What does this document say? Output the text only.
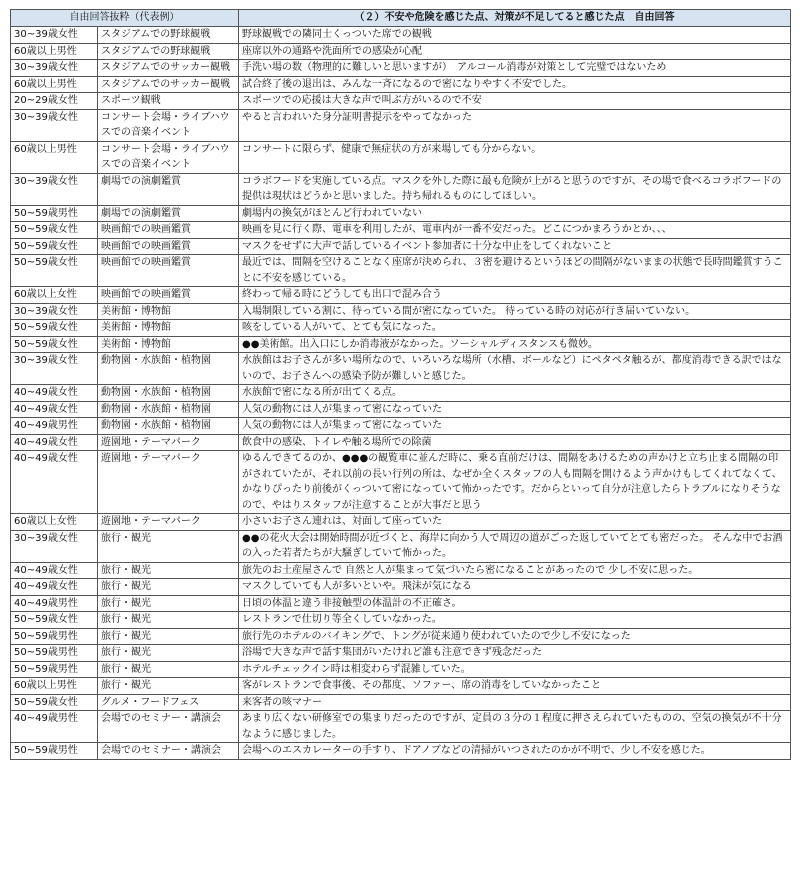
自由回答抜粋（代表例）		（２）不安や危険を感じた点、対策が不足してると感じた点　自由回答
30~39歳女性	スタジアムでの野球観戦	野球観戦での隣同士くっついた席での観戦
60歳以上男性	スタジアムでの野球観戦	座席以外の通路や洗面所での感染が心配
30~39歳女性	スタジアムでのサッカー観戦	手洗い場の数（物理的に難しいと思いますが）　アルコール消毒が対策として完璧ではないため
60歳以上男性	スタジアムでのサッカー観戦	試合終了後の退出は、みんな一斉になるので密になりやすく不安でした。
20~29歳女性	スポーツ観戦	スポーツでの応援は大きな声で叫ぶ方がいるので不安
30~39歳女性	コンサート会場・ライブハウスでの音楽イベント	やると言われいた身分証明書提示をやってなかった
60歳以上男性	コンサート会場・ライブハウスでの音楽イベント	コンサートに限らず、健康で無症状の方が来場しても分からない。
30~39歳女性	劇場での演劇鑑賞	コラボフードを実施している点。マスクを外した際に最も危険が上がると思うのですが、その場で食べるコラボフードの提供は現状はどうかと思いました。持ち帰れるものにしてほしい。
50~59歳男性	劇場での演劇鑑賞	劇場内の換気がほとんど行われていない
50~59歳女性	映画館での映画鑑賞	映画を見に行く際、電車を利用したが、電車内が一番不安だった。どこにつかまろうかとか、、、
50~59歳女性	映画館での映画鑑賞	マスクをせずに大声で話しているイベント参加者に十分な中止をしてくれないこと
50~59歳女性	映画館での映画鑑賞	最近では、間隔を空けることなく座席が決められ、３密を避けるというほどの間隔がないままの状態で長時間鑑賞すうことに不安を感じている。
60歳以上女性	映画館での映画鑑賞	終わって帰る時にどうしても出口で混み合う
30~39歳女性	美術館・博物館	入場制限している割に、待っている間が密になっていた。 待っている時の対応が行き届いていない。
50~59歳女性	美術館・博物館	咳をしている人がいて、とても気になった。
50~59歳女性	美術館・博物館	●●美術館。出入口にしか消毒液がなかった。ソーシャルディスタンスも微妙。
30~39歳女性	動物園・水族館・植物園	水族館はお子さんが多い場所なので、いろいろな場所（水槽、ボールなど）にペタペタ触るが、都度消毒できる訳ではないので、お子さんへの感染予防が難しいと感じた。
40~49歳女性	動物園・水族館・植物園	水族館で密になる所が出てくる点。
40~49歳女性	動物園・水族館・植物園	人気の動物には人が集まって密になっていた
40~49歳男性	動物園・水族館・植物園	人気の動物には人が集まって密になっていた
40~49歳女性	遊園地・テーマパーク	飲食中の感染、トイレや触る場所での除菌
40~49歳女性	遊園地・テーマパーク	ゆるんできてるのか、●●●の観覧車に並んだ時に、乗る直前だけは、間隔をあけるための声かけと立ち止まる間隔の印がされていたが、それ以前の長い行列の所は、なぜか全くスタッフの人も間隔を開けるよう声かけもしてくれてなくて、かなりぴったり前後がくっついて密になっていて怖かったです。だからといって自分が注意したらトラブルになりそうなので、やはりスタッフが注意することが大事だと思う
60歳以上女性	遊園地・テーマパーク	小さいお子さん連れは、対面して座っていた
30~39歳女性	旅行・観光	●●の花火大会は開始時間が近づくと、海岸に向かう人で周辺の道がごった返していてとても密だった。 そんな中でお酒の入った若者たちが大騒ぎしていて怖かった。
40~49歳女性	旅行・観光	旅先のお土産屋さんで 自然と人が集まって気づいたら密になることがあったので 少し不安に思った。
40~49歳女性	旅行・観光	マスクしていても人が多いといや。飛沫が気になる
40~49歳男性	旅行・観光	日頃の体温と違う非接触型の体温計の不正確さ。
50~59歳女性	旅行・観光	レストランで仕切り等全くしていなかった。
50~59歳男性	旅行・観光	旅行先のホテルのバイキングで、トングが従来通り使われていたので少し不安になった
50~59歳男性	旅行・観光	浴場で大きな声で話す集団がいたけれど誰も注意できず残念だった
50~59歳男性	旅行・観光	ホテルチェックイン時は相変わらず混雑していた。
60歳以上男性	旅行・観光	客がレストランで食事後、その都度、ソファー、席の消毒をしていなかったこと
50~59歳女性	グルメ・フードフェス	来客者の咳マナー
40~49歳男性	会場でのセミナー・講演会	あまり広くない研修室での集まりだったのですが、定員の３分の１程度に押さえられていたものの、空気の換気が不十分なように感じました。
50~59歳男性	会場でのセミナー・講演会	会場へのエスカレーターの手すり、ドアノブなどの清掃がいつされたのかが不明で、少し不安を感じた。
